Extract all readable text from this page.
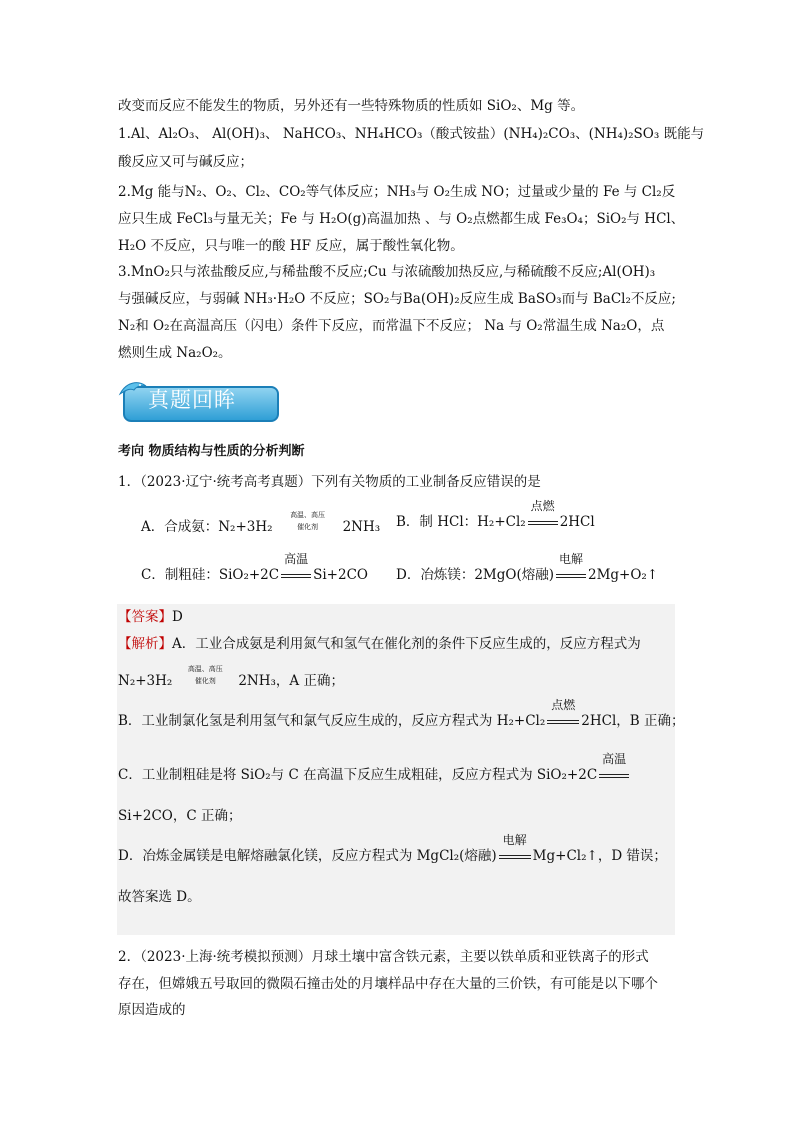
改变而反应不能发生的物质，另外还有一些特殊物质的性质如 SiO₂、Mg 等。
1.Al、Al₂O₃、 Al(OH)₃、 NaHCO₃、NH₄HCO₃（酸式铵盐）(NH₄)₂CO₃、(NH₄)₂SO₃ 既能与
酸反应又可与碱反应；
2.Mg 能与N₂、O₂、Cl₂、CO₂等气体反应；NH₃与 O₂生成 NO；过量或少量的 Fe 与 Cl₂反
应只生成 FeCl₃与量无关；Fe 与 H₂O(g)高温加热 、与 O₂点燃都生成 Fe₃O₄；SiO₂与 HCl、
H₂O 不反应，只与唯一的酸 HF 反应，属于酸性氧化物。
3.MnO₂只与浓盐酸反应,与稀盐酸不反应;Cu 与浓硫酸加热反应,与稀硫酸不反应;Al(OH)₃
与强碱反应，与弱碱 NH₃·H₂O 不反应；SO₂与Ba(OH)₂反应生成 BaSO₃而与 BaCl₂不反应;
N₂和 O₂在高温高压（闪电）条件下反应，而常温下不反应； Na 与 O₂常温生成 Na₂O，点
燃则生成 Na₂O₂。
真题回眸
考向 物质结构与性质的分析判断
1．（2023·辽宁·统考高考真题）下列有关物质的工业制备反应错误的是
A．合成氨：N₂+3H₂
高温、高压
催化剂	2NH₃ B．制 HCl：H₂+Cl₂
点燃
2HCl
C．制粗硅：SiO₂+2C
高温
Si+2CO D．冶炼镁：2MgO(熔融)
电解
2Mg+O₂↑
【答案】D
【解析】A．工业合成氨是利用氮气和氢气在催化剂的条件下反应生成的，反应方程式为
N₂+3H₂
高温、高压
催化剂	2NH₃，A 正确；
B．工业制氯化氢是利用氢气和氯气反应生成的，反应方程式为 H₂+Cl₂
点燃
2HCl，B 正确；
C．工业制粗硅是将 SiO₂与 C 在高温下反应生成粗硅，反应方程式为 SiO₂+2C
高温
Si+2CO，C 正确；
D．冶炼金属镁是电解熔融氯化镁，反应方程式为 MgCl₂(熔融)
电解
Mg+Cl₂↑，D 错误；
故答案选 D。
2．（2023·上海·统考模拟预测）月球土壤中富含铁元素，主要以铁单质和亚铁离子的形式
存在，但嫦娥五号取回的微陨石撞击处的月壤样品中存在大量的三价铁，有可能是以下哪个
原因造成的
